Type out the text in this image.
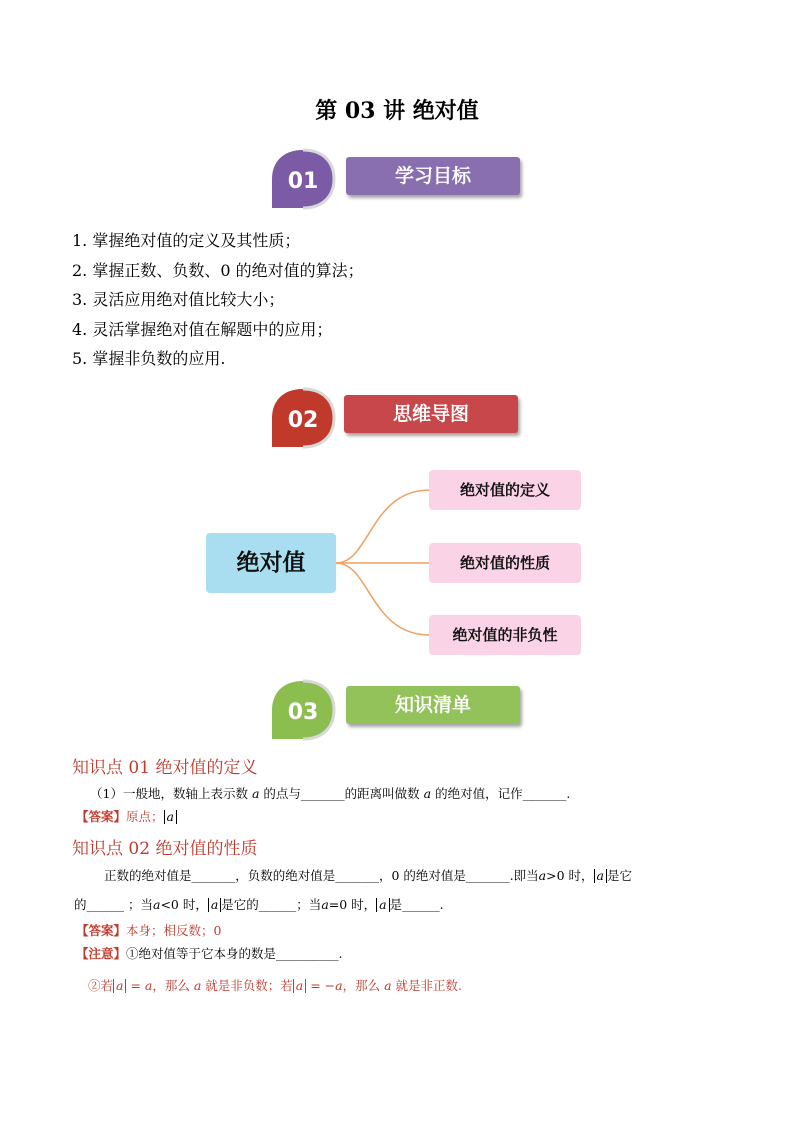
第 03 讲 绝对值
01	学习目标
1. 掌握绝对值的定义及其性质；
2. 掌握正数、负数、0 的绝对值的算法；
3. 灵活应用绝对值比较大小；
4. 灵活掌握绝对值在解题中的应用；
5. 掌握非负数的应用.
02	思维导图
绝对值
绝对值的定义
绝对值的性质
绝对值的非负性
03	知识清单
知识点 01 绝对值的定义
（1）一般地，数轴上表示数 a 的点与_______的距离叫做数 a 的绝对值，记作_______.
【答案】原点； a
知识点 02 绝对值的性质
正数的绝对值是_______，负数的绝对值是_______，0 的绝对值是_______.即当a>0 时， a 是它
的______ ；当a<0 时， a 是它的______；当a=0 时， a 是______.
【答案】本身；相反数；0
【注意】①绝对值等于它本身的数是__________.
②若 a = a，那么 a 就是非负数；若 a = −a，那么 a 就是非正数.
